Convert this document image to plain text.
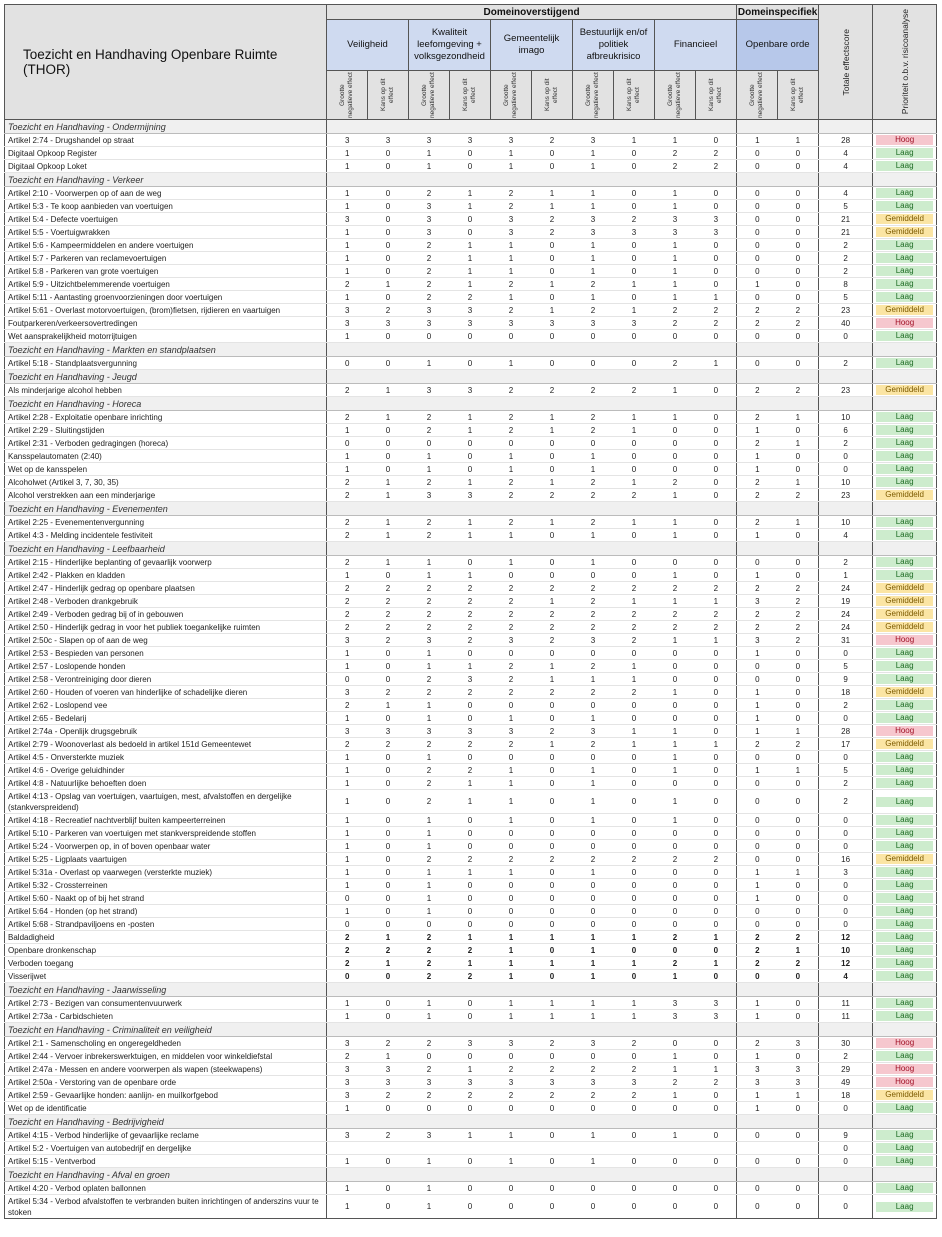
Toezicht en Handhaving Openbare Ruimte (THOR)	Domeinoverstijgend										Domeinspecifiek		Totale effectscore	Prioriteit o.b.v. risicoanalyse

	Veiligheid		Kwaliteit leefomgeving + volksgezondheid		Gemeentelijk imago		Bestuurlijk en/of politiek afbreukrisico		Financieel		Openbare orde			

	Grootte negatieve effect	Kans op dit effect	Grootte negatieve effect	Kans op dit effect	Grootte negatieve effect	Kans op dit effect	Grootte negatieve effect	Kans op dit effect	Grootte negatieve effect	Kans op dit effect	Grootte negatieve effect	Kans op dit effect		

Toezicht en Handhaving - Ondermijning														
Artikel 2:74 - Drugshandel op straat	3	3	3	3	3	2	3	1	1	0	1	1	28	Hoog

Digitaal Opkoop Register	1	0	1	0	1	0	1	0	2	2	0	0	4	Laag

Digitaal Opkoop Loket	1	0	1	0	1	0	1	0	2	2	0	0	4	Laag

Toezicht en Handhaving - Verkeer														
Artikel 2:10 - Voorwerpen op of aan de weg	1	0	2	1	2	1	1	0	1	0	0	0	4	Laag

Artikel 5:3 - Te koop aanbieden van voertuigen	1	0	3	1	2	1	1	0	1	0	0	0	5	Laag

Artikel 5:4 - Defecte voertuigen	3	0	3	0	3	2	3	2	3	3	0	0	21	Gemiddeld

Artikel 5:5 - Voertuigwrakken	1	0	3	0	3	2	3	3	3	3	0	0	21	Gemiddeld

Artikel 5:6 - Kampeermiddelen en andere voertuigen	1	0	2	1	1	0	1	0	1	0	0	0	2	Laag

Artikel 5:7 - Parkeren van reclamevoertuigen	1	0	2	1	1	0	1	0	1	0	0	0	2	Laag

Artikel 5:8 - Parkeren van grote voertuigen	1	0	2	1	1	0	1	0	1	0	0	0	2	Laag

Artikel 5:9 - Uitzichtbelemmerende voertuigen	2	1	2	1	2	1	2	1	1	0	1	0	8	Laag

Artikel 5:11 - Aantasting groenvoorzieningen door voertuigen	1	0	2	2	1	0	1	0	1	1	0	0	5	Laag

Artikel 5:61 - Overlast motorvoertuigen, (brom)fietsen, rijdieren en vaartuigen	3	2	3	3	2	1	2	1	2	2	2	2	23	Gemiddeld

Foutparkeren/verkeersovertredingen	3	3	3	3	3	3	3	3	2	2	2	2	40	Hoog

Wet aansprakelijkheid motorrijtuigen	1	0	0	0	0	0	0	0	0	0	0	0	0	Laag

Toezicht en Handhaving - Markten en standplaatsen														
Artikel 5:18 - Standplaatsvergunning	0	0	1	0	1	0	0	0	2	1	0	0	2	Laag

Toezicht en Handhaving - Jeugd														
Als minderjarige alcohol hebben	2	1	3	3	2	2	2	2	1	0	2	2	23	Gemiddeld

Toezicht en Handhaving - Horeca														
Artikel 2:28 - Exploitatie openbare inrichting	2	1	2	1	2	1	2	1	1	0	2	1	10	Laag

Artikel 2:29 - Sluitingstijden	1	0	2	1	2	1	2	1	0	0	1	0	6	Laag

Artikel 2:31 - Verboden gedragingen (horeca)	0	0	0	0	0	0	0	0	0	0	2	1	2	Laag

Kansspelautomaten (2:40)	1	0	1	0	1	0	1	0	0	0	1	0	0	Laag

Wet op de kansspelen	1	0	1	0	1	0	1	0	0	0	1	0	0	Laag

Alcoholwet (Artikel 3, 7, 30, 35)	2	1	2	1	2	1	2	1	2	0	2	1	10	Laag

Alcohol verstrekken aan een minderjarige	2	1	3	3	2	2	2	2	1	0	2	2	23	Gemiddeld

Toezicht en Handhaving - Evenementen														
Artikel 2:25 - Evenementenvergunning	2	1	2	1	2	1	2	1	1	0	2	1	10	Laag

Artikel 4:3 - Melding incidentele festiviteit	2	1	2	1	1	0	1	0	1	0	1	0	4	Laag

Toezicht en Handhaving - Leefbaarheid														
Artikel 2:15 - Hinderlijke beplanting of gevaarlijk voorwerp	2	1	1	0	1	0	1	0	0	0	0	0	2	Laag

Artikel 2:42 - Plakken en kladden	1	0	1	1	0	0	0	0	1	0	1	0	1	Laag

Artikel 2:47 - Hinderlijk gedrag op openbare plaatsen	2	2	2	2	2	2	2	2	2	2	2	2	24	Gemiddeld

Artikel 2:48 - Verboden drankgebruik	2	2	2	2	2	1	2	1	1	1	3	2	19	Gemiddeld

Artikel 2:49 - Verboden gedrag bij of in gebouwen	2	2	2	2	2	2	2	2	2	2	2	2	24	Gemiddeld

Artikel 2:50 - Hinderlijk gedrag in voor het publiek toegankelijke ruimten	2	2	2	2	2	2	2	2	2	2	2	2	24	Gemiddeld

Artikel 2:50c - Slapen op of aan de weg	3	2	3	2	3	2	3	2	1	1	3	2	31	Hoog

Artikel 2:53 - Bespieden van personen	1	0	1	0	0	0	0	0	0	0	1	0	0	Laag

Artikel 2:57 - Loslopende honden	1	0	1	1	2	1	2	1	0	0	0	0	5	Laag

Artikel 2:58 - Verontreiniging door dieren	0	0	2	3	2	1	1	1	0	0	0	0	9	Laag

Artikel 2:60 - Houden of voeren van hinderlijke of schadelijke dieren	3	2	2	2	2	2	2	2	1	0	1	0	18	Gemiddeld

Artikel 2:62 - Loslopend vee	2	1	1	0	0	0	0	0	0	0	1	0	2	Laag

Artikel 2:65 - Bedelarij	1	0	1	0	1	0	1	0	0	0	1	0	0	Laag

Artikel 2:74a - Openlijk drugsgebruik	3	3	3	3	3	2	3	1	1	0	1	1	28	Hoog

Artikel 2:79 - Woonoverlast als bedoeld in artikel 151d Gemeentewet	2	2	2	2	2	1	2	1	1	1	2	2	17	Gemiddeld

Artikel 4:5 - Onversterkte muziek	1	0	1	0	0	0	0	0	1	0	0	0	0	Laag

Artikel 4:6 - Overige geluidhinder	1	0	2	2	1	0	1	0	1	0	1	1	5	Laag

Artikel 4:8 - Natuurlijke behoeften doen	1	0	2	1	1	0	1	0	0	0	0	0	2	Laag

Artikel 4:13 - Opslag van voertuigen, vaartuigen, mest, afvalstoffen en dergelijke (stankverspreidend)	1	0	2	1	1	0	1	0	1	0	0	0	2	Laag

Artikel 4:18 - Recreatief nachtverblijf buiten kampeerterreinen	1	0	1	0	1	0	1	0	1	0	0	0	0	Laag

Artikel 5:10 - Parkeren van voertuigen met stankverspreidende stoffen	1	0	1	0	0	0	0	0	0	0	0	0	0	Laag

Artikel 5:24 - Voorwerpen op, in of boven openbaar water	1	0	1	0	0	0	0	0	0	0	0	0	0	Laag

Artikel 5:25 - Ligplaats vaartuigen	1	0	2	2	2	2	2	2	2	2	0	0	16	Gemiddeld

Artikel 5:31a - Overlast op vaarwegen (versterkte muziek)	1	0	1	1	1	0	1	0	0	0	1	1	3	Laag

Artikel 5:32 - Crossterreinen	1	0	1	0	0	0	0	0	0	0	1	0	0	Laag

Artikel 5:60 - Naakt op of bij het strand	0	0	1	0	0	0	0	0	0	0	1	0	0	Laag

Artikel 5:64 - Honden (op het strand)	1	0	1	0	0	0	0	0	0	0	0	0	0	Laag

Artikel 5:68 - Strandpaviljoens en -posten	0	0	0	0	0	0	0	0	0	0	0	0	0	Laag

Baldadigheid	2	1	2	1	1	1	1	1	2	1	2	2	12	Laag

Openbare dronkenschap	2	2	2	2	1	0	1	0	0	0	2	1	10	Laag

Verboden toegang	2	1	2	1	1	1	1	1	2	1	2	2	12	Laag

Visserijwet	0	0	2	2	1	0	1	0	1	0	0	0	4	Laag

Toezicht en Handhaving - Jaarwisseling														
Artikel 2:73 - Bezigen van consumentenvuurwerk	1	0	1	0	1	1	1	1	3	3	1	0	11	Laag

Artikel 2:73a - Carbidschieten	1	0	1	0	1	1	1	1	3	3	1	0	11	Laag

Toezicht en Handhaving - Criminaliteit en veiligheid														
Artikel 2:1 - Samenscholing en ongeregeldheden	3	2	2	3	3	2	3	2	0	0	2	3	30	Hoog

Artikel 2:44 - Vervoer inbrekerswerktuigen, en middelen voor winkeldiefstal	2	1	0	0	0	0	0	0	1	0	1	0	2	Laag

Artikel 2:47a - Messen en andere voorwerpen als wapen (steekwapens)	3	3	2	1	2	2	2	2	1	1	3	3	29	Hoog

Artikel 2:50a - Verstoring van de openbare orde	3	3	3	3	3	3	3	3	2	2	3	3	49	Hoog

Artikel 2:59 - Gevaarlijke honden: aanlijn- en muilkorfgebod	3	2	2	2	2	2	2	2	1	0	1	1	18	Gemiddeld

Wet op de identificatie	1	0	0	0	0	0	0	0	0	0	1	0	0	Laag

Toezicht en Handhaving - Bedrijvigheid														
Artikel 4:15 - Verbod hinderlijke of gevaarlijke reclame	3	2	3	1	1	0	1	0	1	0	0	0	9	Laag

Artikel 5:2 - Voertuigen van autobedrijf en dergelijke													0	Laag

Artikel 5:15 - Ventverbod	1	0	1	0	1	0	1	0	0	0	0	0	0	Laag

Toezicht en Handhaving - Afval en groen														
Artikel 4:20 - Verbod oplaten ballonnen	1	0	1	0	0	0	0	0	0	0	0	0	0	Laag

Artikel 5:34 - Verbod afvalstoffen te verbranden buiten inrichtingen of anderszins vuur te stoken	1	0	1	0	0	0	0	0	0	0	0	0	0	Laag
